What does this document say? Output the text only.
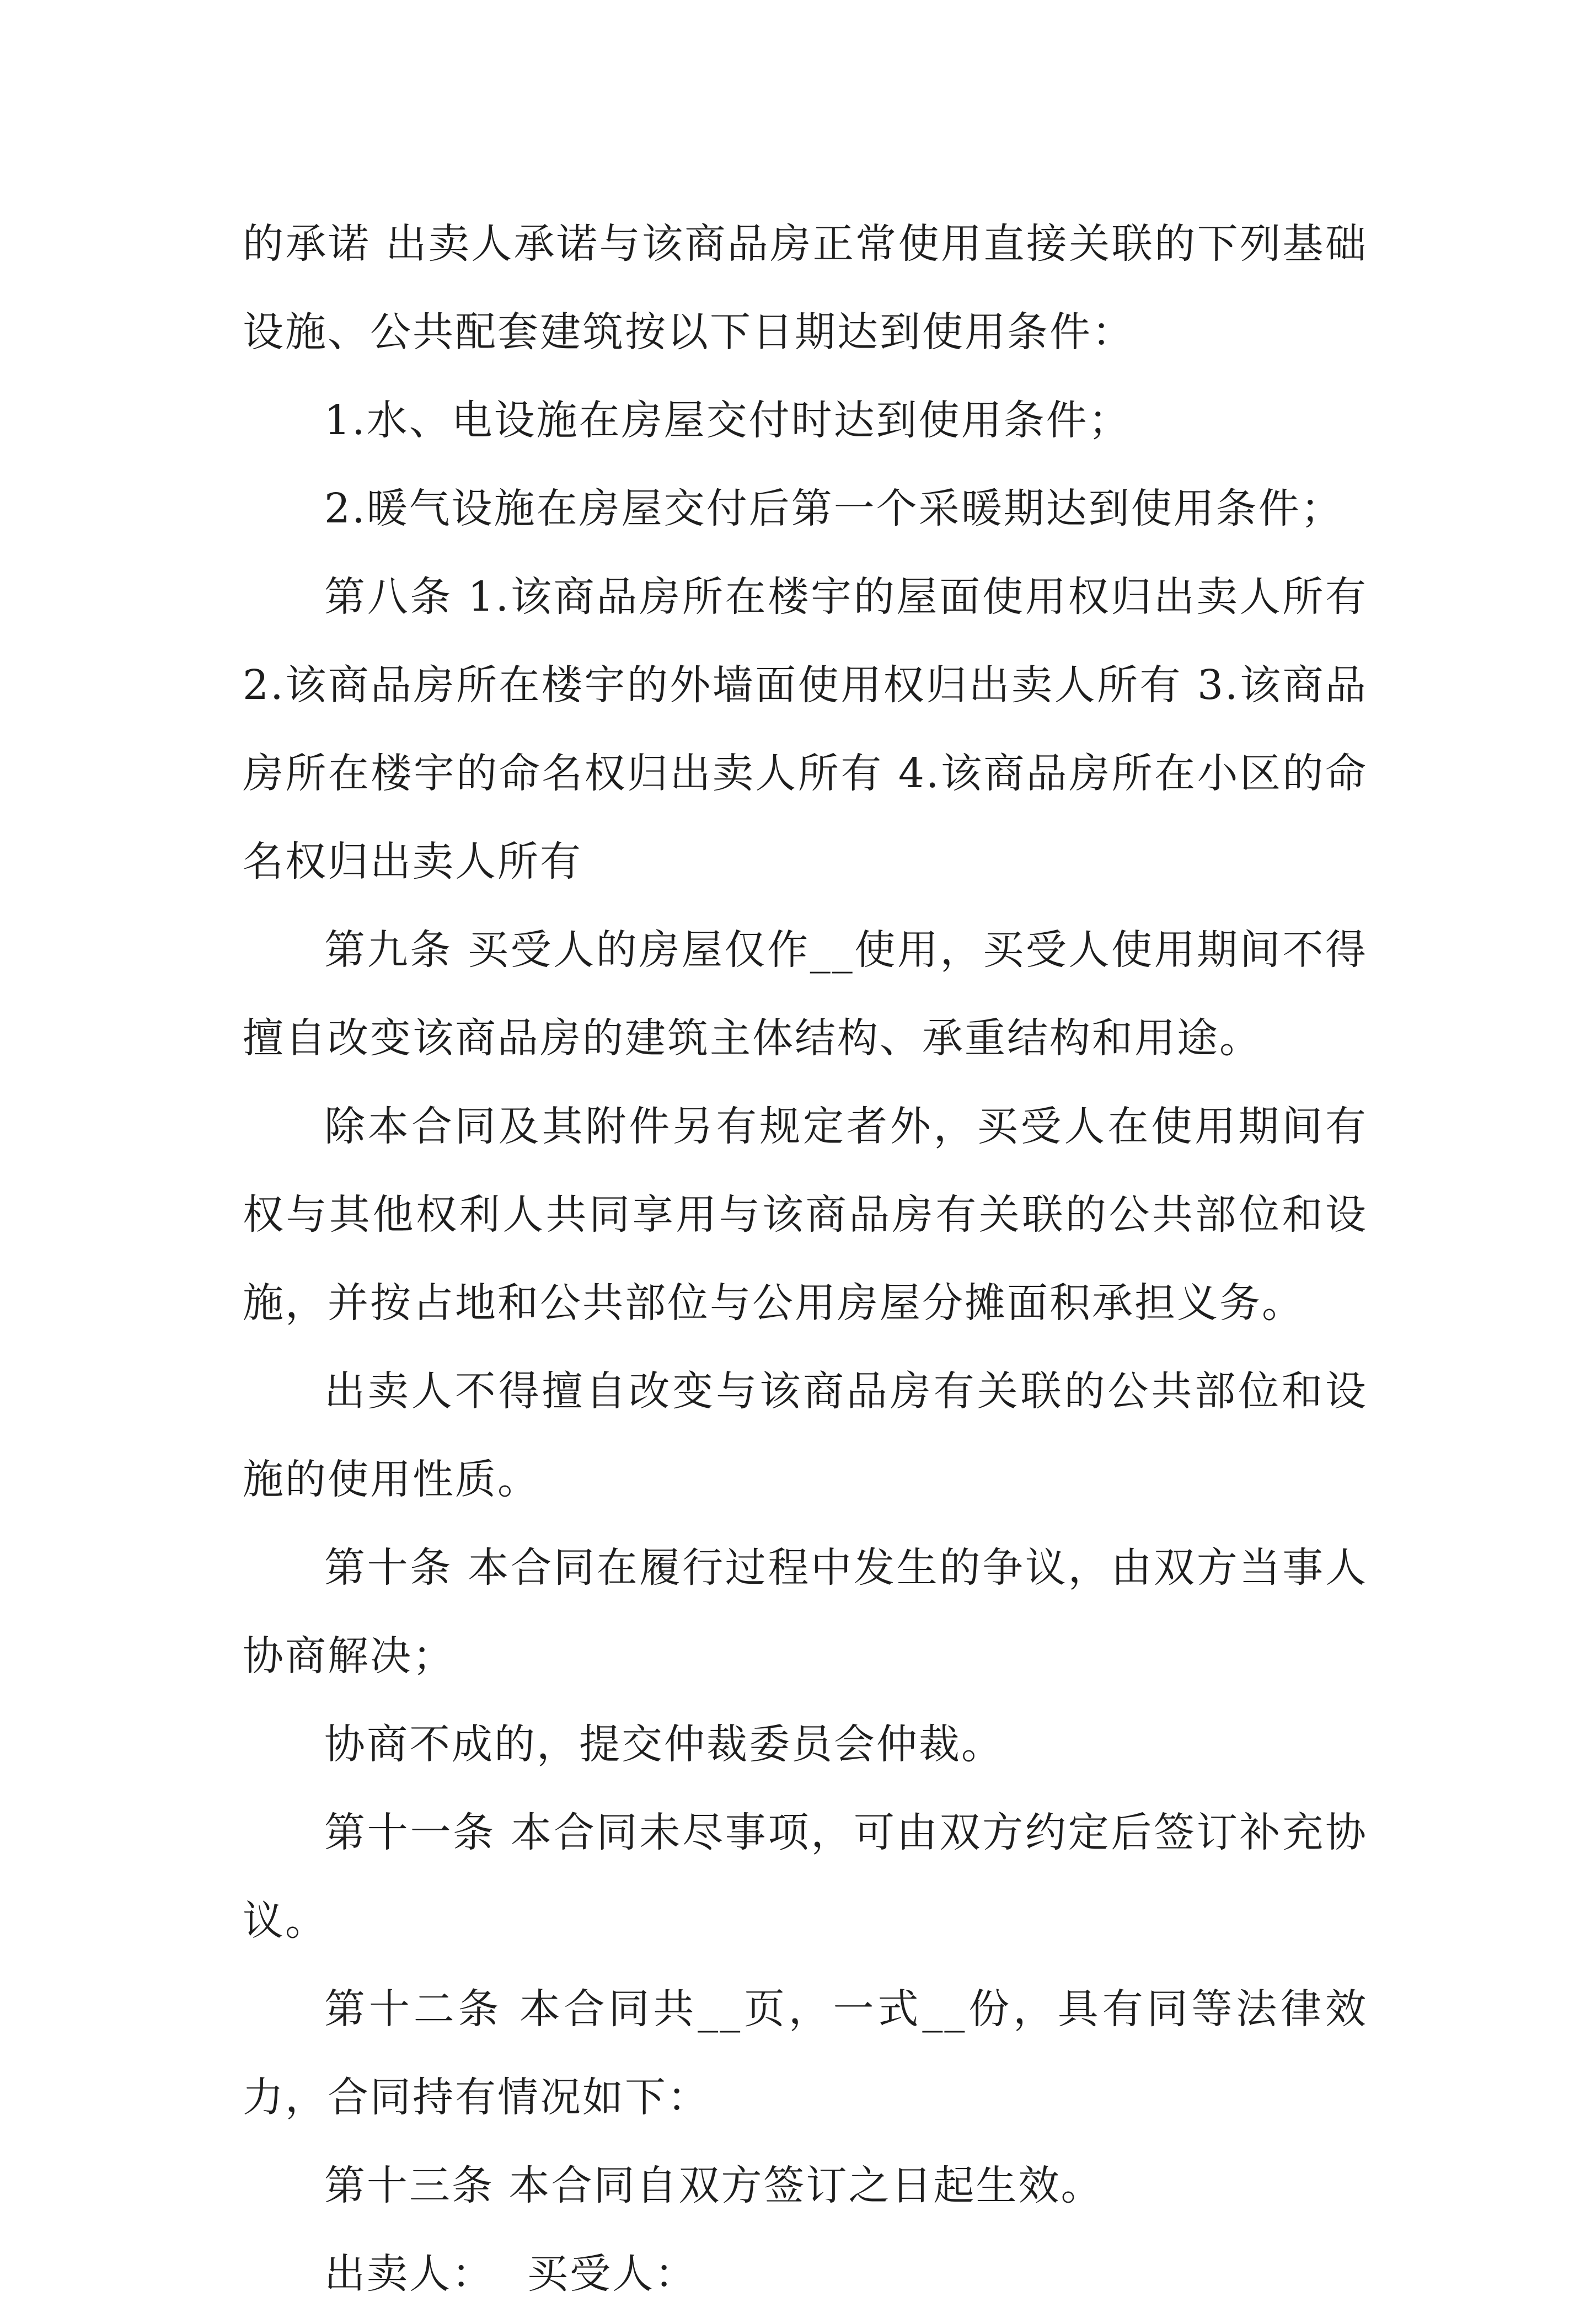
的承诺 出卖人承诺与该商品房正常使用直接关联的下列基础设施、公共配套建筑按以下日期达到使用条件：

1.水、电设施在房屋交付时达到使用条件；

2.暖气设施在房屋交付后第一个采暖期达到使用条件；

第八条 1.该商品房所在楼宇的屋面使用权归出卖人所有 2.该商品房所在楼宇的外墙面使用权归出卖人所有 3.该商品房所在楼宇的命名权归出卖人所有 4.该商品房所在小区的命名权归出卖人所有

第九条 买受人的房屋仅作__使用，买受人使用期间不得擅自改变该商品房的建筑主体结构、承重结构和用途。

除本合同及其附件另有规定者外，买受人在使用期间有权与其他权利人共同享用与该商品房有关联的公共部位和设施，并按占地和公共部位与公用房屋分摊面积承担义务。

出卖人不得擅自改变与该商品房有关联的公共部位和设施的使用性质。

第十条 本合同在履行过程中发生的争议，由双方当事人协商解决；

协商不成的，提交仲裁委员会仲裁。

第十一条 本合同未尽事项，可由双方约定后签订补充协议。

第十二条 本合同共__页，一式__份，具有同等法律效力，合同持有情况如下：

第十三条 本合同自双方签订之日起生效。

出卖人： 买受人：
